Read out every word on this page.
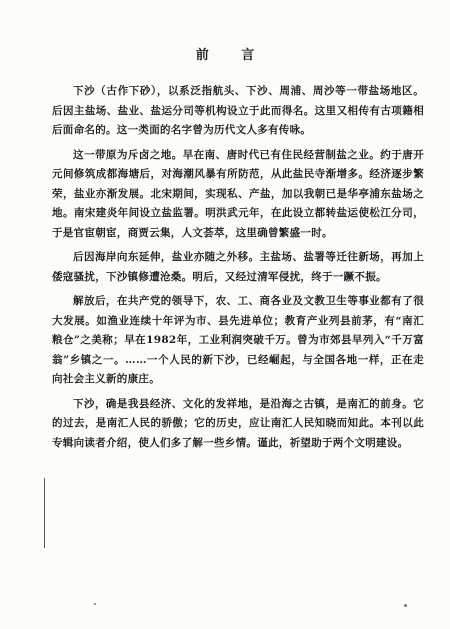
前 言

下沙（古作下砂），以系泛指航头、下沙、周浦、周沙等一带盐场地区。后因主盐场、盐业、盐运分司等机构设立于此而得名。这里又相传有古项籍相后面命名的。这一类面的名字曾为历代文人多有传咏。

这一带原为斥卤之地。早在南、唐时代已有住民经营制盐之业。约于唐开元间修筑成都海塘后，对海潮风暴有所防范，从此盐民寺渐增多。经济逐步繁荣，盐业亦渐发展。北宋期间，实现私、产盐，加以我朝已是华亭浦东盐场之地。南宋建炎年间设立盐监署。明洪武元年，在此设立都转盐运使松江分司，于是官宦朝宦，商贾云集，人文荟萃，这里确曾繁盛一时。

后因海岸向东延伸，盐业亦随之外移。主盐场、盐署等迁往新场，再加上倭寇骚扰，下沙镇修遭沧桑。明后，又经过清军侵扰，终于一蹶不振。

解放后，在共产党的领导下，农、工、商各业及文教卫生等事业都有了很大发展。如渔业连续十年评为市、县先进单位；教育产业列县前茅，有“南汇粮仓”之美称；早在1982年，工业利润突破千万。曾为市郊县早列入“千万富翁”乡镇之一。……一个人民的新下沙，已经崛起，与全国各地一样，正在走向社会主义新的康庄。

下沙，确是我县经济、文化的发祥地，是沿海之古镇，是南汇的前身。它的过去，是南汇人民的骄傲；它的历史，应让南汇人民知晓而知此。本刊以此专辑向读者介绍，使人们多了解一些乡情。谨此，祈望助于两个文明建设。
